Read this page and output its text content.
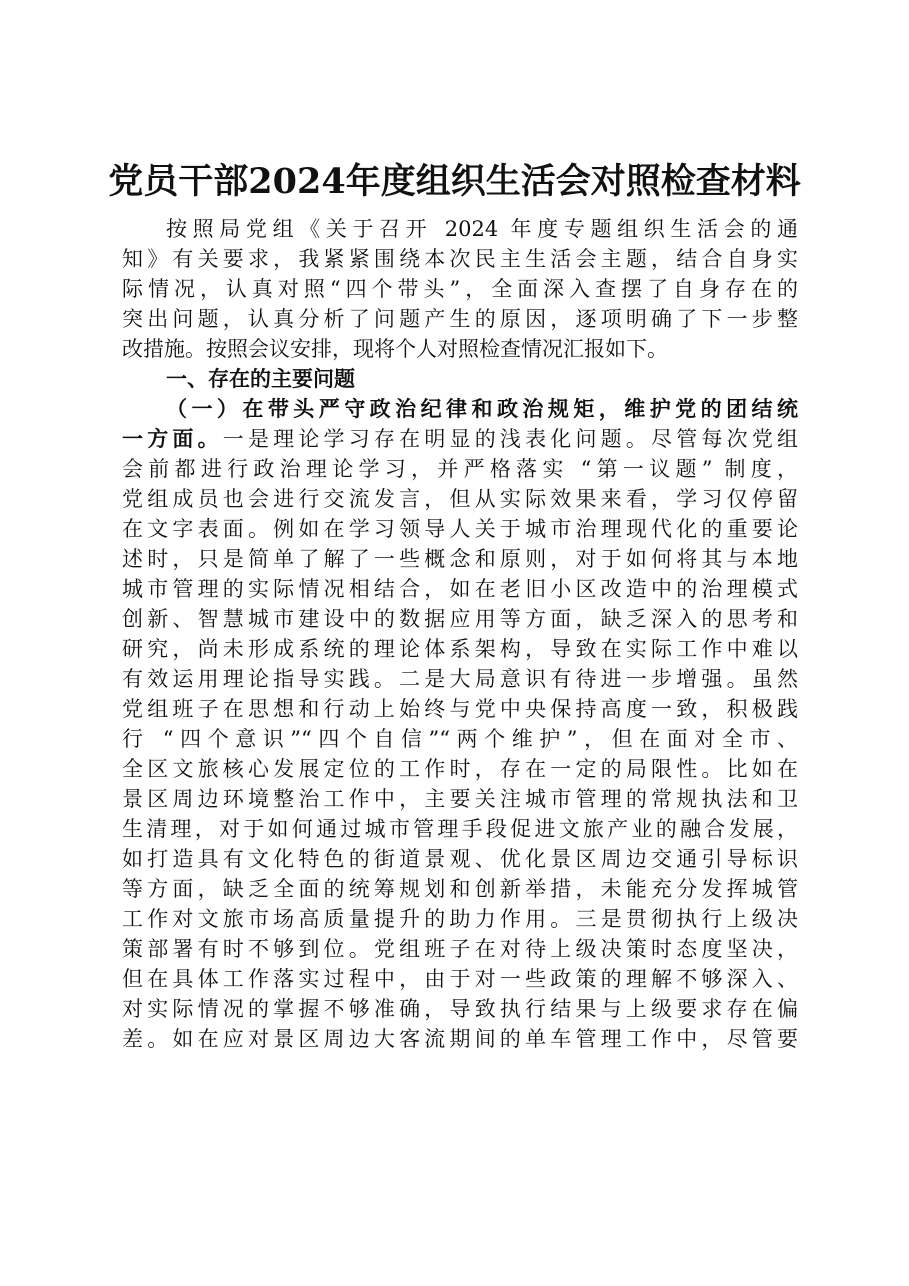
党员干部2024年度组织生活会对照检查材料
按照局党组《关于召开 2024 年度专题组织生活会的通
知》有关要求，我紧紧围绕本次民主生活会主题，结合自身实
际情况，认真对照“四个带头”，全面深入查摆了自身存在的
突出问题，认真分析了问题产生的原因，逐项明确了下一步整
改措施。按照会议安排，现将个人对照检查情况汇报如下。
一、存在的主要问题
（一）在带头严守政治纪律和政治规矩，维护党的团结统
一方面。一是理论学习存在明显的浅表化问题。尽管每次党组
会前都进行政治理论学习，并严格落实 “第一议题” 制度，
党组成员也会进行交流发言，但从实际效果来看，学习仅停留
在文字表面。例如在学习领导人关于城市治理现代化的重要论
述时，只是简单了解了一些概念和原则，对于如何将其与本地
城市管理的实际情况相结合，如在老旧小区改造中的治理模式
创新、智慧城市建设中的数据应用等方面，缺乏深入的思考和
研究，尚未形成系统的理论体系架构，导致在实际工作中难以
有效运用理论指导实践。二是大局意识有待进一步增强。虽然
党组班子在思想和行动上始终与党中央保持高度一致，积极践
行 “四个意识”“四个自信”“两个维护”，但在面对全市、
全区文旅核心发展定位的工作时，存在一定的局限性。比如在
景区周边环境整治工作中，主要关注城市管理的常规执法和卫
生清理，对于如何通过城市管理手段促进文旅产业的融合发展，
如打造具有文化特色的街道景观、优化景区周边交通引导标识
等方面，缺乏全面的统筹规划和创新举措，未能充分发挥城管
工作对文旅市场高质量提升的助力作用。三是贯彻执行上级决
策部署有时不够到位。党组班子在对待上级决策时态度坚决，
但在具体工作落实过程中，由于对一些政策的理解不够深入、
对实际情况的掌握不够准确，导致执行结果与上级要求存在偏
差。如在应对景区周边大客流期间的单车管理工作中，尽管要
